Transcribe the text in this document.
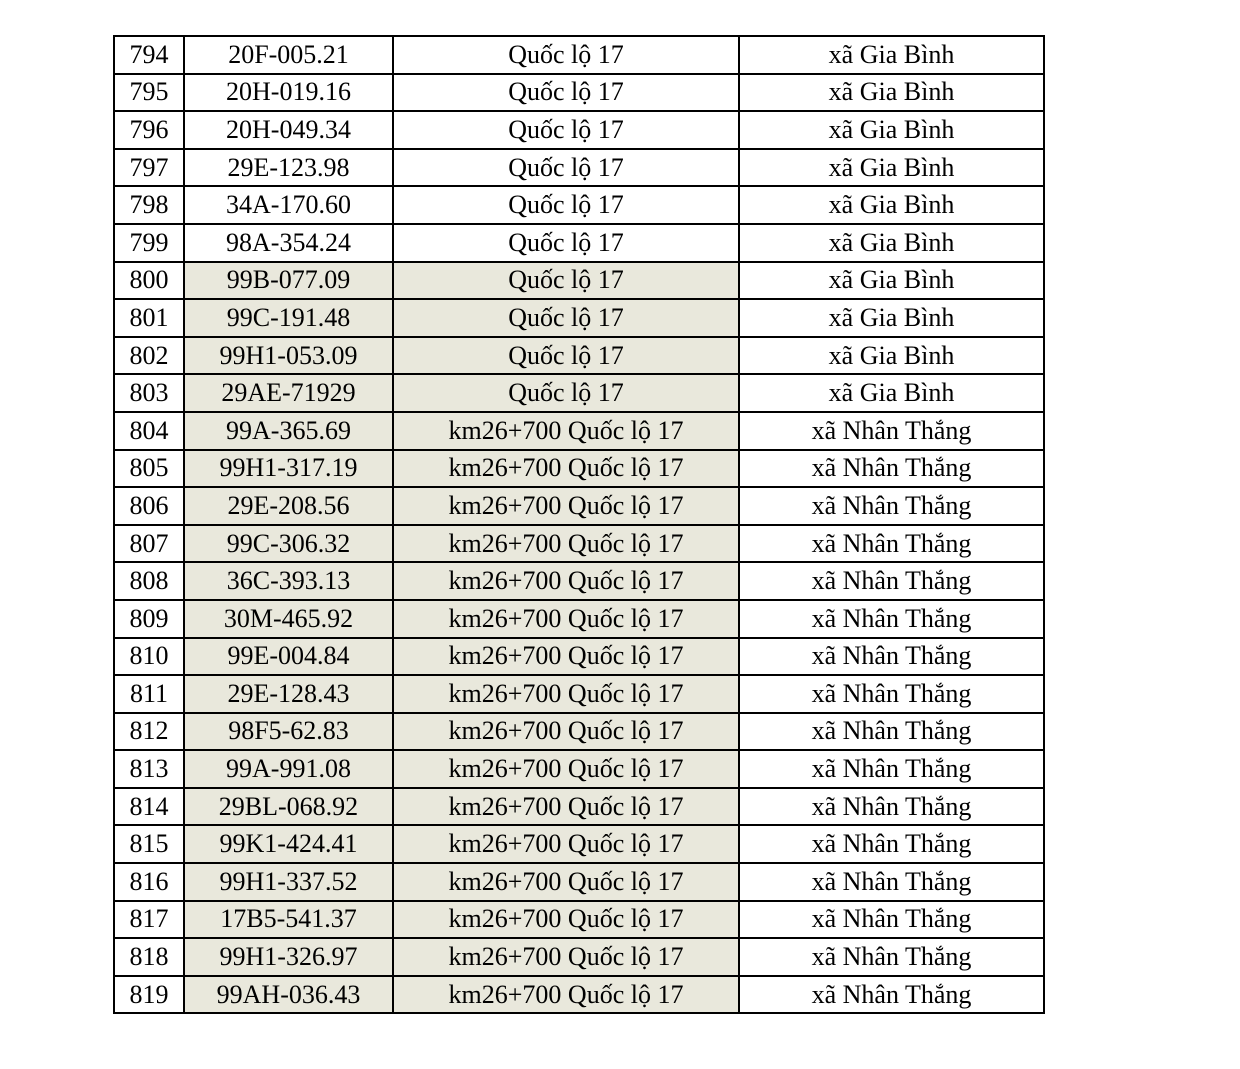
794	20F-005.21	Quốc lộ 17	xã Gia Bình
795	20H-019.16	Quốc lộ 17	xã Gia Bình
796	20H-049.34	Quốc lộ 17	xã Gia Bình
797	29E-123.98	Quốc lộ 17	xã Gia Bình
798	34A-170.60	Quốc lộ 17	xã Gia Bình
799	98A-354.24	Quốc lộ 17	xã Gia Bình
800	99B-077.09	Quốc lộ 17	xã Gia Bình
801	99C-191.48	Quốc lộ 17	xã Gia Bình
802	99H1-053.09	Quốc lộ 17	xã Gia Bình
803	29AE-71929	Quốc lộ 17	xã Gia Bình
804	99A-365.69	km26+700 Quốc lộ 17	xã Nhân Thắng
805	99H1-317.19	km26+700 Quốc lộ 17	xã Nhân Thắng
806	29E-208.56	km26+700 Quốc lộ 17	xã Nhân Thắng
807	99C-306.32	km26+700 Quốc lộ 17	xã Nhân Thắng
808	36C-393.13	km26+700 Quốc lộ 17	xã Nhân Thắng
809	30M-465.92	km26+700 Quốc lộ 17	xã Nhân Thắng
810	99E-004.84	km26+700 Quốc lộ 17	xã Nhân Thắng
811	29E-128.43	km26+700 Quốc lộ 17	xã Nhân Thắng
812	98F5-62.83	km26+700 Quốc lộ 17	xã Nhân Thắng
813	99A-991.08	km26+700 Quốc lộ 17	xã Nhân Thắng
814	29BL-068.92	km26+700 Quốc lộ 17	xã Nhân Thắng
815	99K1-424.41	km26+700 Quốc lộ 17	xã Nhân Thắng
816	99H1-337.52	km26+700 Quốc lộ 17	xã Nhân Thắng
817	17B5-541.37	km26+700 Quốc lộ 17	xã Nhân Thắng
818	99H1-326.97	km26+700 Quốc lộ 17	xã Nhân Thắng
819	99AH-036.43	km26+700 Quốc lộ 17	xã Nhân Thắng
